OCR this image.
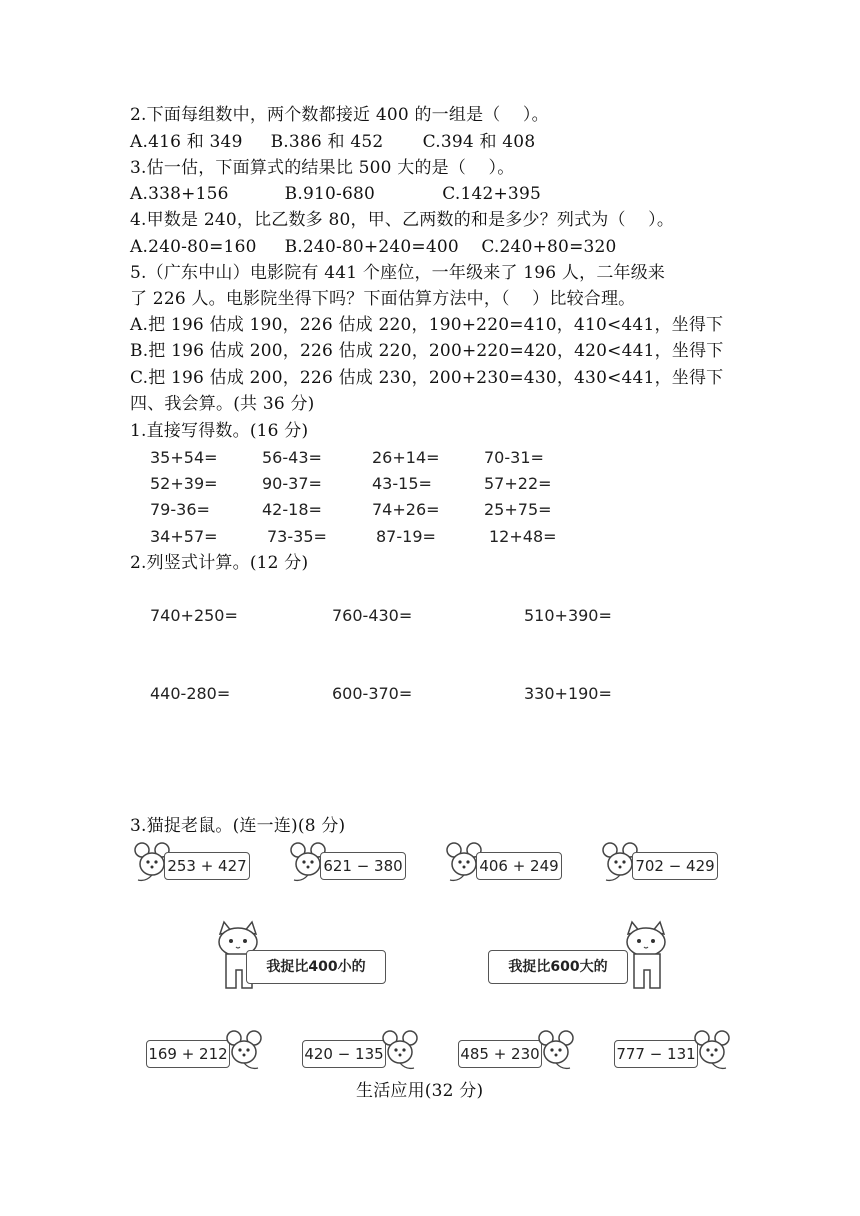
2.下面每组数中，两个数都接近 400 的一组是（    ）。
A.416 和 349     B.386 和 452       C.394 和 408
3.估一估，下面算式的结果比 500 大的是（    ）。
A.338+156          B.910-680            C.142+395
4.甲数是 240，比乙数多 80，甲、乙两数的和是多少？列式为（    ）。
A.240-80=160     B.240-80+240=400    C.240+80=320
5.（广东中山）电影院有 441 个座位，一年级来了 196 人，二年级来
了 226 人。电影院坐得下吗？下面估算方法中，（    ）比较合理。
A.把 196 估成 190，226 估成 220，190+220=410，410<441，坐得下
B.把 196 估成 200，226 估成 220，200+220=420，420<441，坐得下
C.把 196 估成 200，226 估成 230，200+230=430，430<441，坐得下
四、我会算。(共 36 分)
1.直接写得数。(16 分)
35+54=	56-43=	26+14=	70-31=
52+39=	90-37=	43-15=	57+22=
79-36=	42-18=	74+26=	25+75=
34+57=	73-35=	87-19=	12+48=
2.列竖式计算。(12 分)
740+250=	760-430=	510+390=
440-280=	600-370=	330+190=
3.猫捉老鼠。(连一连)(8 分)
253 + 427	621 − 380	406 + 249	702 − 429
我捉比400小的	我捉比600大的
169 + 212	420 − 135	485 + 230	777 − 131
生活应用(32 分)
